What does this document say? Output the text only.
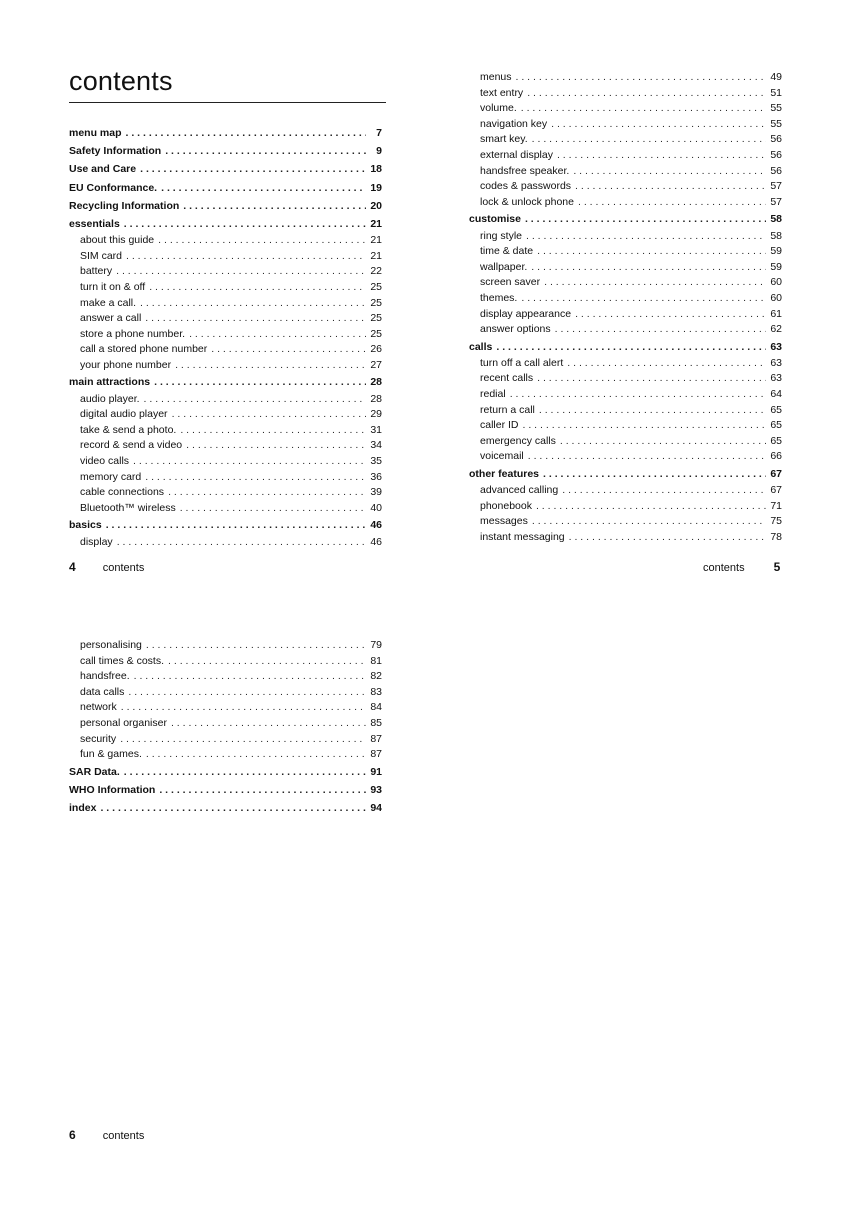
contents
menu map . . .	7
Safety Information . . .	9
Use and Care . . .	18
EU Conformance. . . .	19
Recycling Information . . .	20
essentials . . .	21
about this guide . . .	21
SIM card . . .	21
battery . . .	22
turn it on & off . . .	25
make a call. . . .	25
answer a call . . .	25
store a phone number. . . .	25
call a stored phone number . . .	26
your phone number . . .	27
main attractions . . .	28
audio player. . . .	28
digital audio player . . .	29
take & send a photo. . . .	31
record & send a video . . .	34
video calls . . .	35
memory card . . .	36
cable connections . . .	39
Bluetooth™ wireless . . .	40
basics . . .	46
display . . .	46
menus . . .	49
text entry . . .	51
volume. . . .	55
navigation key . . .	55
smart key. . . .	56
external display . . .	56
handsfree speaker. . . .	56
codes & passwords . . .	57
lock & unlock phone . . .	57
customise . . .	58
ring style . . .	58
time & date . . .	59
wallpaper. . . .	59
screen saver . . .	60
themes. . . .	60
display appearance . . .	61
answer options . . .	62
calls . . .	63
turn off a call alert . . .	63
recent calls . . .	63
redial . . .	64
return a call . . .	65
caller ID . . .	65
emergency calls . . .	65
voicemail . . .	66
other features . . .	67
advanced calling . . .	67
phonebook . . .	71
messages . . .	75
instant messaging . . .	78
personalising . . .	79
call times & costs. . . .	81
handsfree. . . .	82
data calls . . .	83
network . . .	84
personal organiser . . .	85
security . . .	87
fun & games. . . .	87
SAR Data. . . .	91
WHO Information . . .	93
index . . .	94
4 contents	contents 5
6 contents
